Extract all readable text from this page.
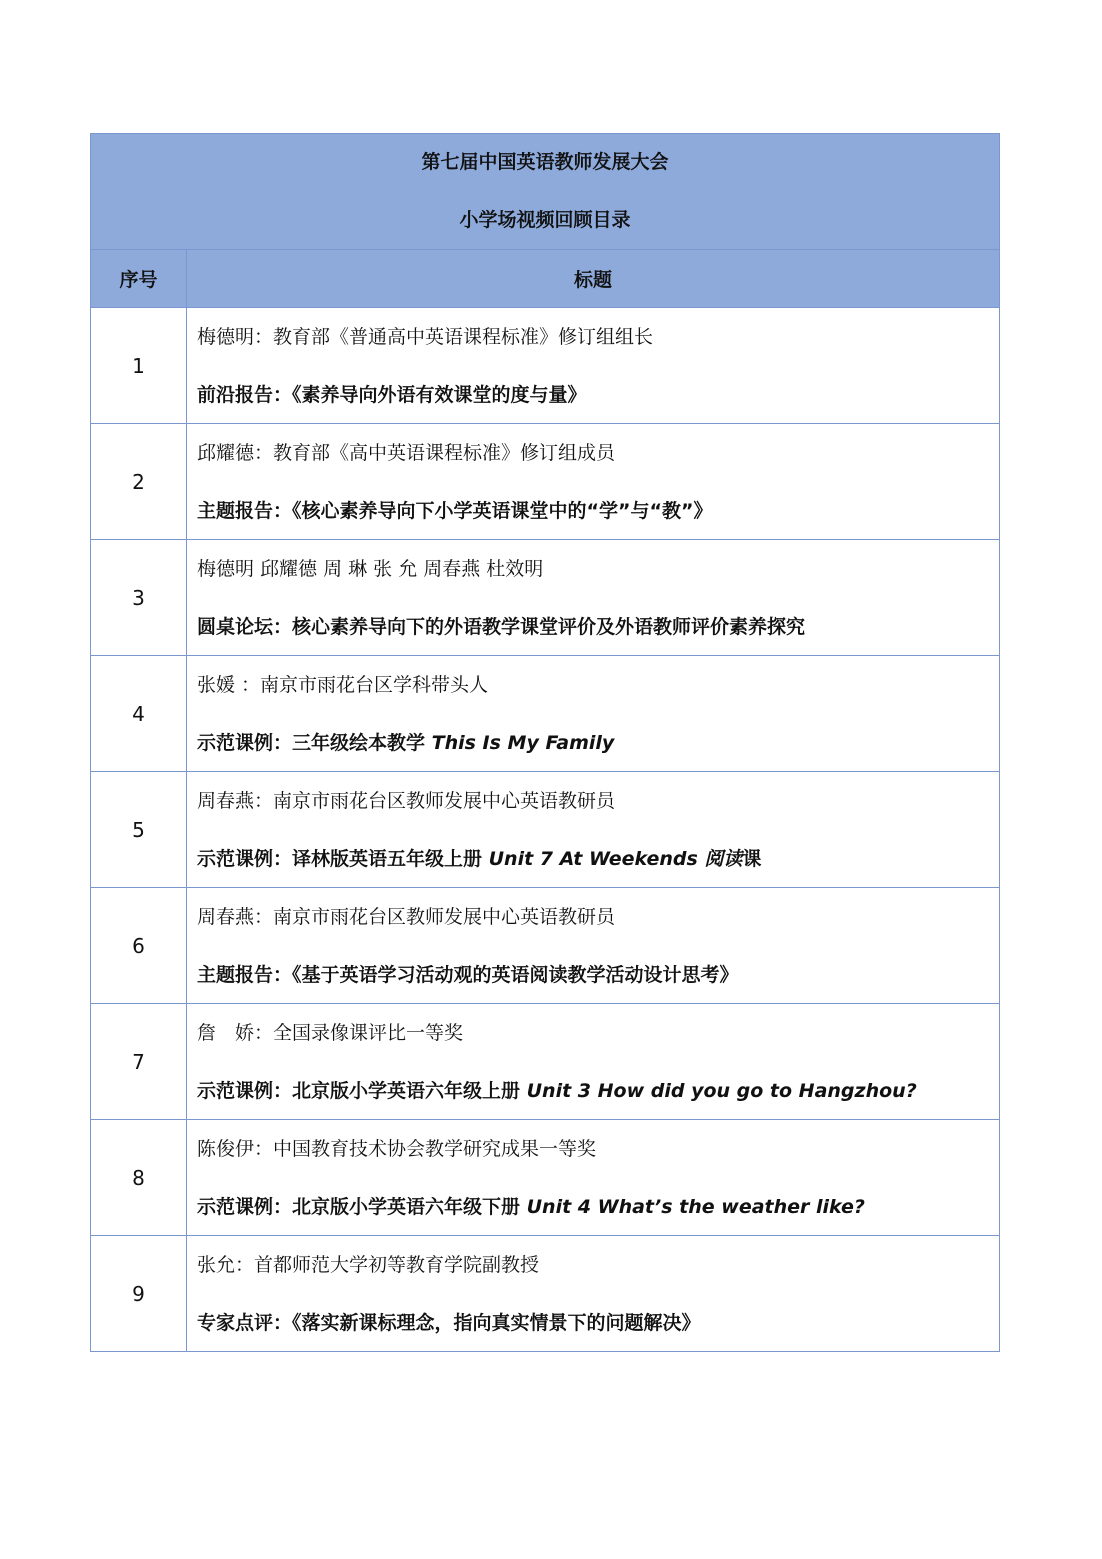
第七届中国英语教师发展大会
小学场视频回顾目录	

序号	标题
1	梅德明：教育部《普通高中英语课程标准》修订组组长
前沿报告：《素养导向外语有效课堂的度与量》

2	邱耀德：教育部《高中英语课程标准》修订组成员
主题报告：《核心素养导向下小学英语课堂中的“学”与“教”》

3	梅德明 邱耀德 周 琳 张 允 周春燕 杜效明
圆桌论坛：核心素养导向下的外语教学课堂评价及外语教师评价素养探究

4	张媛 ：南京市雨花台区学科带头人
示范课例：三年级绘本教学 This Is My Family

5	周春燕：南京市雨花台区教师发展中心英语教研员
示范课例：译林版英语五年级上册 Unit 7 At Weekends 阅读课

6	周春燕：南京市雨花台区教师发展中心英语教研员
主题报告：《基于英语学习活动观的英语阅读教学活动设计思考》

7	詹　娇：全国录像课评比一等奖
示范课例：北京版小学英语六年级上册 Unit 3 How did you go to Hangzhou?

8	陈俊伊：中国教育技术协会教学研究成果一等奖
示范课例：北京版小学英语六年级下册 Unit 4 What’s the weather like?

9	张允：首都师范大学初等教育学院副教授
专家点评：《落实新课标理念，指向真实情景下的问题解决》
